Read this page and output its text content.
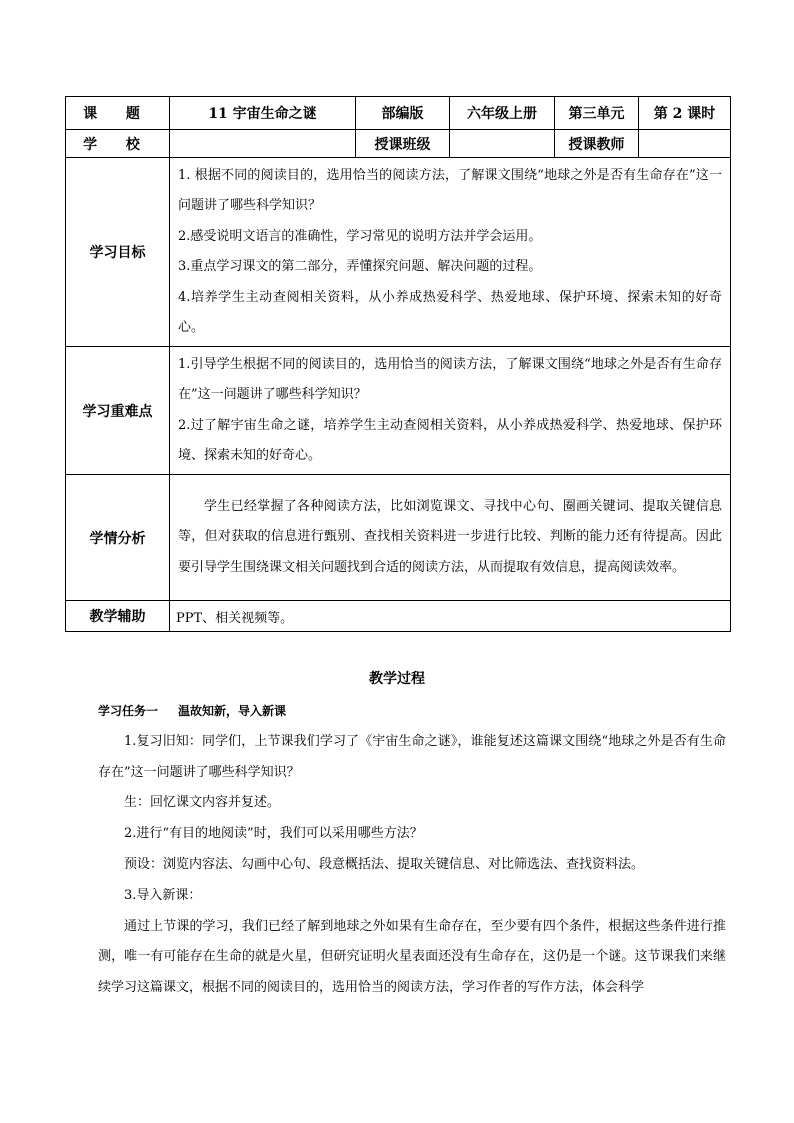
课 题	11 宇宙生命之谜	部编版	六年级上册	第三单元	第 2 课时
学 校		授课班级		授课教师	
学习目标	1. 根据不同的阅读目的，选用恰当的阅读方法，了解课文围绕“地球之外是否有生命存在”这一问题讲了哪些科学知识？

2.感受说明文语言的准确性，学习常见的说明方法并学会运用。

3.重点学习课文的第二部分，弄懂探究问题、解决问题的过程。

4.培养学生主动查阅相关资料，从小养成热爱科学、热爱地球、保护环境、探索未知的好奇心。				

学习重难点	1.引导学生根据不同的阅读目的，选用恰当的阅读方法，了解课文围绕“地球之外是否有生命存在”这一问题讲了哪些科学知识？

2.过了解宇宙生命之谜，培养学生主动查阅相关资料，从小养成热爱科学、热爱地球、保护环境、探索未知的好奇心。				

学情分析	学生已经掌握了各种阅读方法，比如浏览课文、寻找中心句、圈画关键词、提取关键信息等，但对获取的信息进行甄别、查找相关资料进一步进行比较、判断的能力还有待提高。因此要引导学生围绕课文相关问题找到合适的阅读方法，从而提取有效信息，提高阅读效率。				

教学辅助	PPT、相关视频等。				
教学过程

学习任务一 温故知新，导入新课

1.复习旧知：同学们，上节课我们学习了《宇宙生命之谜》，谁能复述这篇课文围绕“地球之外是否有生命存在”这一问题讲了哪些科学知识？

生：回忆课文内容并复述。

2.进行“有目的地阅读”时，我们可以采用哪些方法？

预设：浏览内容法、勾画中心句、段意概括法、提取关键信息、对比筛选法、查找资料法。

3.导入新课：

通过上节课的学习，我们已经了解到地球之外如果有生命存在，至少要有四个条件，根据这些条件进行推测，唯一有可能存在生命的就是火星，但研究证明火星表面还没有生命存在，这仍是一个谜。这节课我们来继续学习这篇课文，根据不同的阅读目的，选用恰当的阅读方法，学习作者的写作方法，体会科学
